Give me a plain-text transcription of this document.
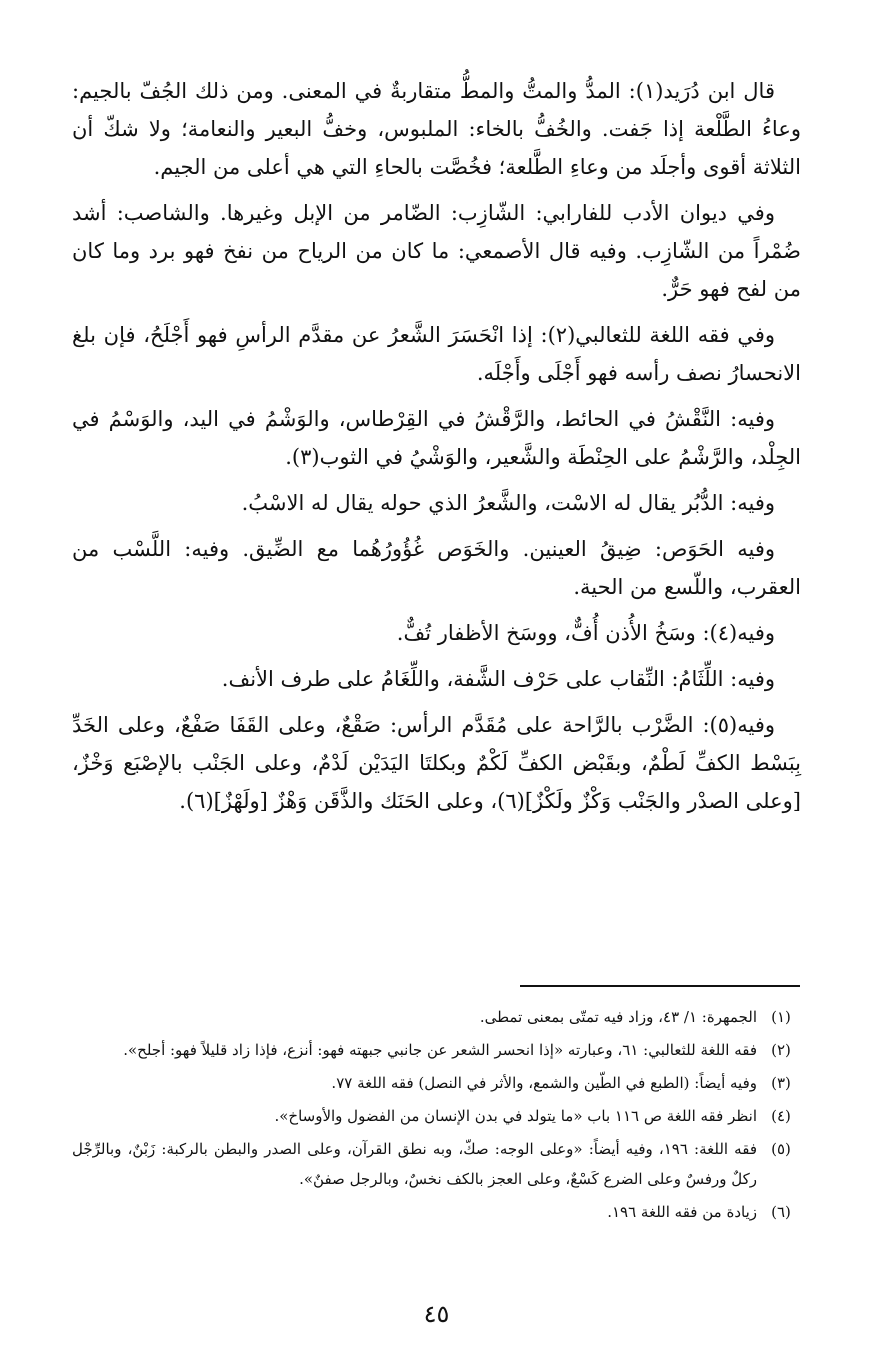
قال ابن دُرَيد(١): المدُّ والمتُّ والمطُّ متقاربةٌ في المعنى. ومن ذلك الجُفّ بالجيم: وعاءُ الطَّلْعة إذا جَفت. والخُفُّ بالخاء: الملبوس، وخفُّ البعير والنعامة؛ ولا شكّ أن الثلاثة أقوى وأجلَد من وعاءِ الطَّلعة؛ فخُصَّت بالحاءِ التي هي أعلى من الجيم.

وفي ديوان الأدب للفارابي: الشّازِب: الضّامر من الإبل وغيرها. والشاصب: أشد ضُمْراً من الشّازِب. وفيه قال الأصمعي: ما كان من الرياح من نفخ فهو برد وما كان من لفح فهو حَرٌّ.

وفي فقه اللغة للثعالبي(٢): إذا انْحَسَرَ الشَّعرُ عن مقدَّم الرأسِ فهو أَجْلَحُ، فإن بلغ الانحسارُ نصف رأسه فهو أَجْلَى وأَجْلَه.

وفيه: النَّقْشُ في الحائط، والرَّقْشُ في القِرْطاس، والوَشْمُ في اليد، والوَسْمُ في الجِلْد، والرَّشْمُ على الحِنْطَة والشَّعير، والوَشْيُ في الثوب(٣).

وفيه: الدُّبُر يقال له الاسْت، والشَّعرُ الذي حوله يقال له الاسْبُ.

وفيه الحَوَص: ضِيقُ العينين. والخَوَص غُؤُورُهُما مع الضِّيق. وفيه: اللَّسْب من العقرب، واللّسع من الحية.

وفيه(٤): وسَخُ الأُذن أُفٌّ، ووسَخ الأظفار تُفٌّ.

وفيه: اللِّثَامُ: النِّقاب على حَرْف الشَّفة، واللِّغَامُ على طرف الأنف.

وفيه(٥): الضَّرْب بالرَّاحة على مُقَدَّم الرأس: صَقْعٌ، وعلى القَفَا صَفْعٌ، وعلى الخَدِّ بِبَسْط الكفِّ لَطْمٌ، وبقَبْض الكفِّ لَكْمٌ وبكلتَا اليَدَيْن لَدْمٌ، وعلى الجَنْب بالإصْبَع وَخْزٌ، [وعلى الصدْر والجَنْب وَكْزٌ ولَكْزٌ](٦)، وعلى الحَنَك والذَّقَن وَهْزٌ [ولَهْزٌ](٦).

(١)
الجمهرة: ١/ ٤٣، وزاد فيه تمتّى بمعنى تمطى.
(٢)
فقه اللغة للثعالبي: ٦١، وعبارته «إذا انحسر الشعر عن جانبي جبهته فهو: أنزع، فإذا زاد قليلاً فهو: أجلح».
(٣)
وفيه أيضاً: (الطبع في الطّين والشمع، والأثر في النصل) فقه اللغة ٧٧.
(٤)
انظر فقه اللغة ص ١١٦ باب «ما يتولد في بدن الإنسان من الفضول والأوساخ».
(٥)
فقه اللغة: ١٩٦، وفيه أيضاً: «وعلى الوجه: صكّ، وبه نطق القرآن، وعلى الصدر والبطن بالركبة: زَبْنٌ، وبالرِّجْل ركلٌ ورفسٌ وعلى الضرع كَسْعٌ، وعلى العجز بالكف نخسٌ، وبالرجل صفنٌ».
(٦)
زيادة من فقه اللغة ١٩٦.
٤٥
